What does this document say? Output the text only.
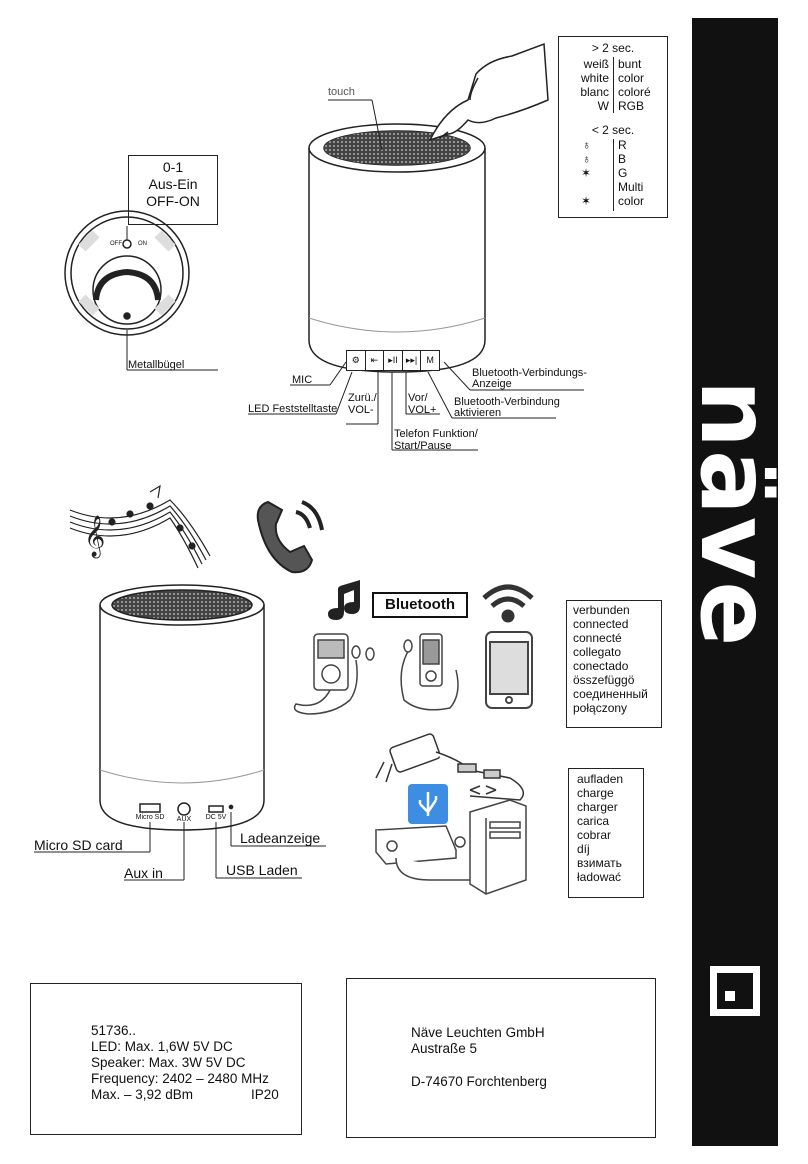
𝄞
0-1
Aus-Ein
OFF-ON
OFF	ON
Metallbügel
touch
⚙	⇤	▸II ▸▸|	M
MIC
LED Feststelltaste
Zurü./
VOL-
Vor/
VOL+
Telefon Funktion/
Start/Pause
Bluetooth-Verbindung
aktivieren
Bluetooth-Verbindungs-
Anzeige
> 2 sec.
weiß bunt
white color
blanc coloré
W RGB
< 2 sec.
♁ R
♁ B
✶ G
Multi
✶ color
Bluetooth	verbunden
connected
connecté
collegato
conectado
összefüggö
соединенный
połączony
Micro SD	AUX	DC 5V
Micro SD card
Aux in	USB Laden
Ladeanzeige
aufladen
charge
charger
carica
cobrar
díj
взимать
ładować
51736..
LED: Max. 1,6W 5V DC
Speaker: Max. 3W 5V DC
Frequency: 2402 – 2480 MHz
Max. – 3,92 dBm	IP20
Näve Leuchten GmbH
Austraße 5
D-74670 Forchtenberg
näve
